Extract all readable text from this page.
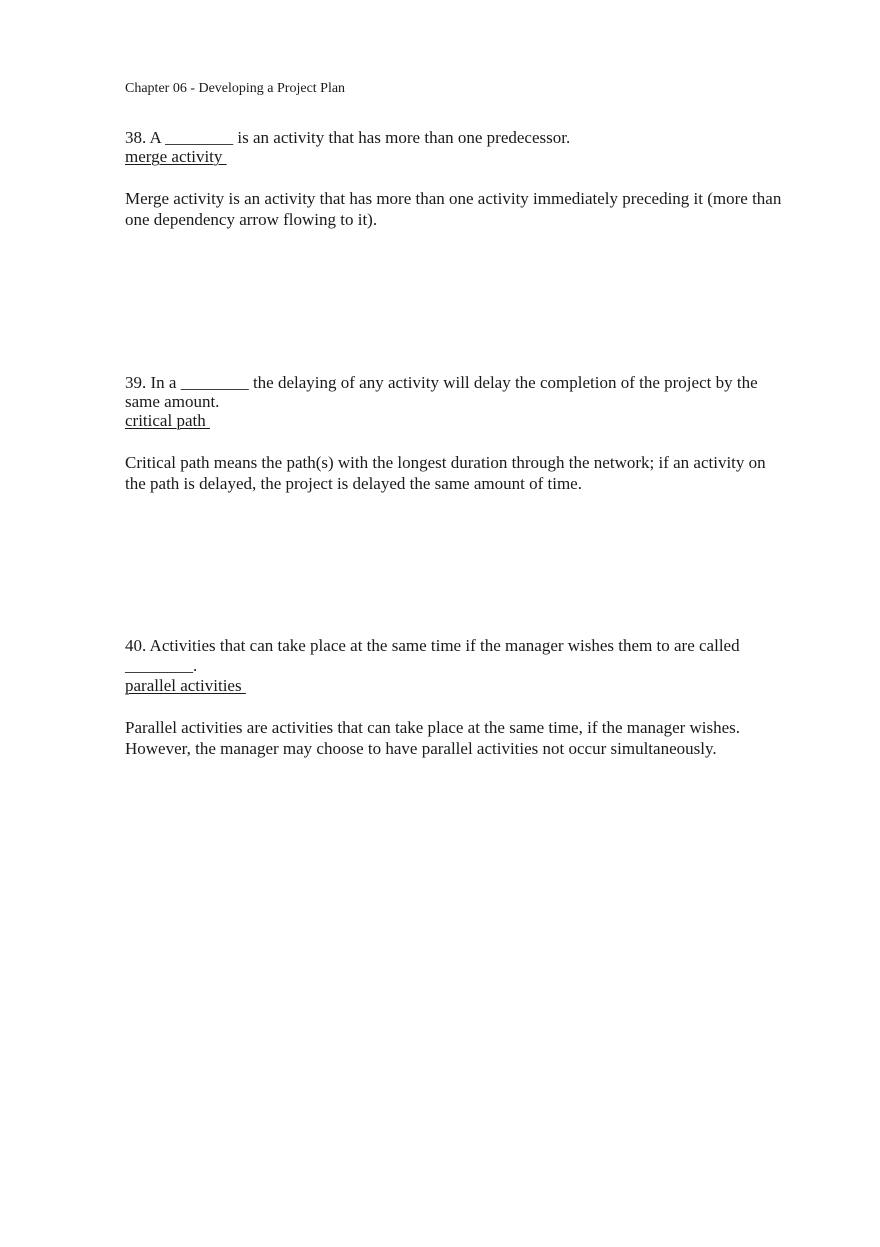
Chapter 06 - Developing a Project Plan

38. A ________ is an activity that has more than one predecessor.

merge activity

Merge activity is an activity that has more than one activity immediately preceding it (more than one dependency arrow flowing to it).

39. In a ________ the delaying of any activity will delay the completion of the project by the same amount.

critical path

Critical path means the path(s) with the longest duration through the network; if an activity on the path is delayed, the project is delayed the same amount of time.

40. Activities that can take place at the same time if the manager wishes them to are called ________.

parallel activities

Parallel activities are activities that can take place at the same time, if the manager wishes. However, the manager may choose to have parallel activities not occur simultaneously.
